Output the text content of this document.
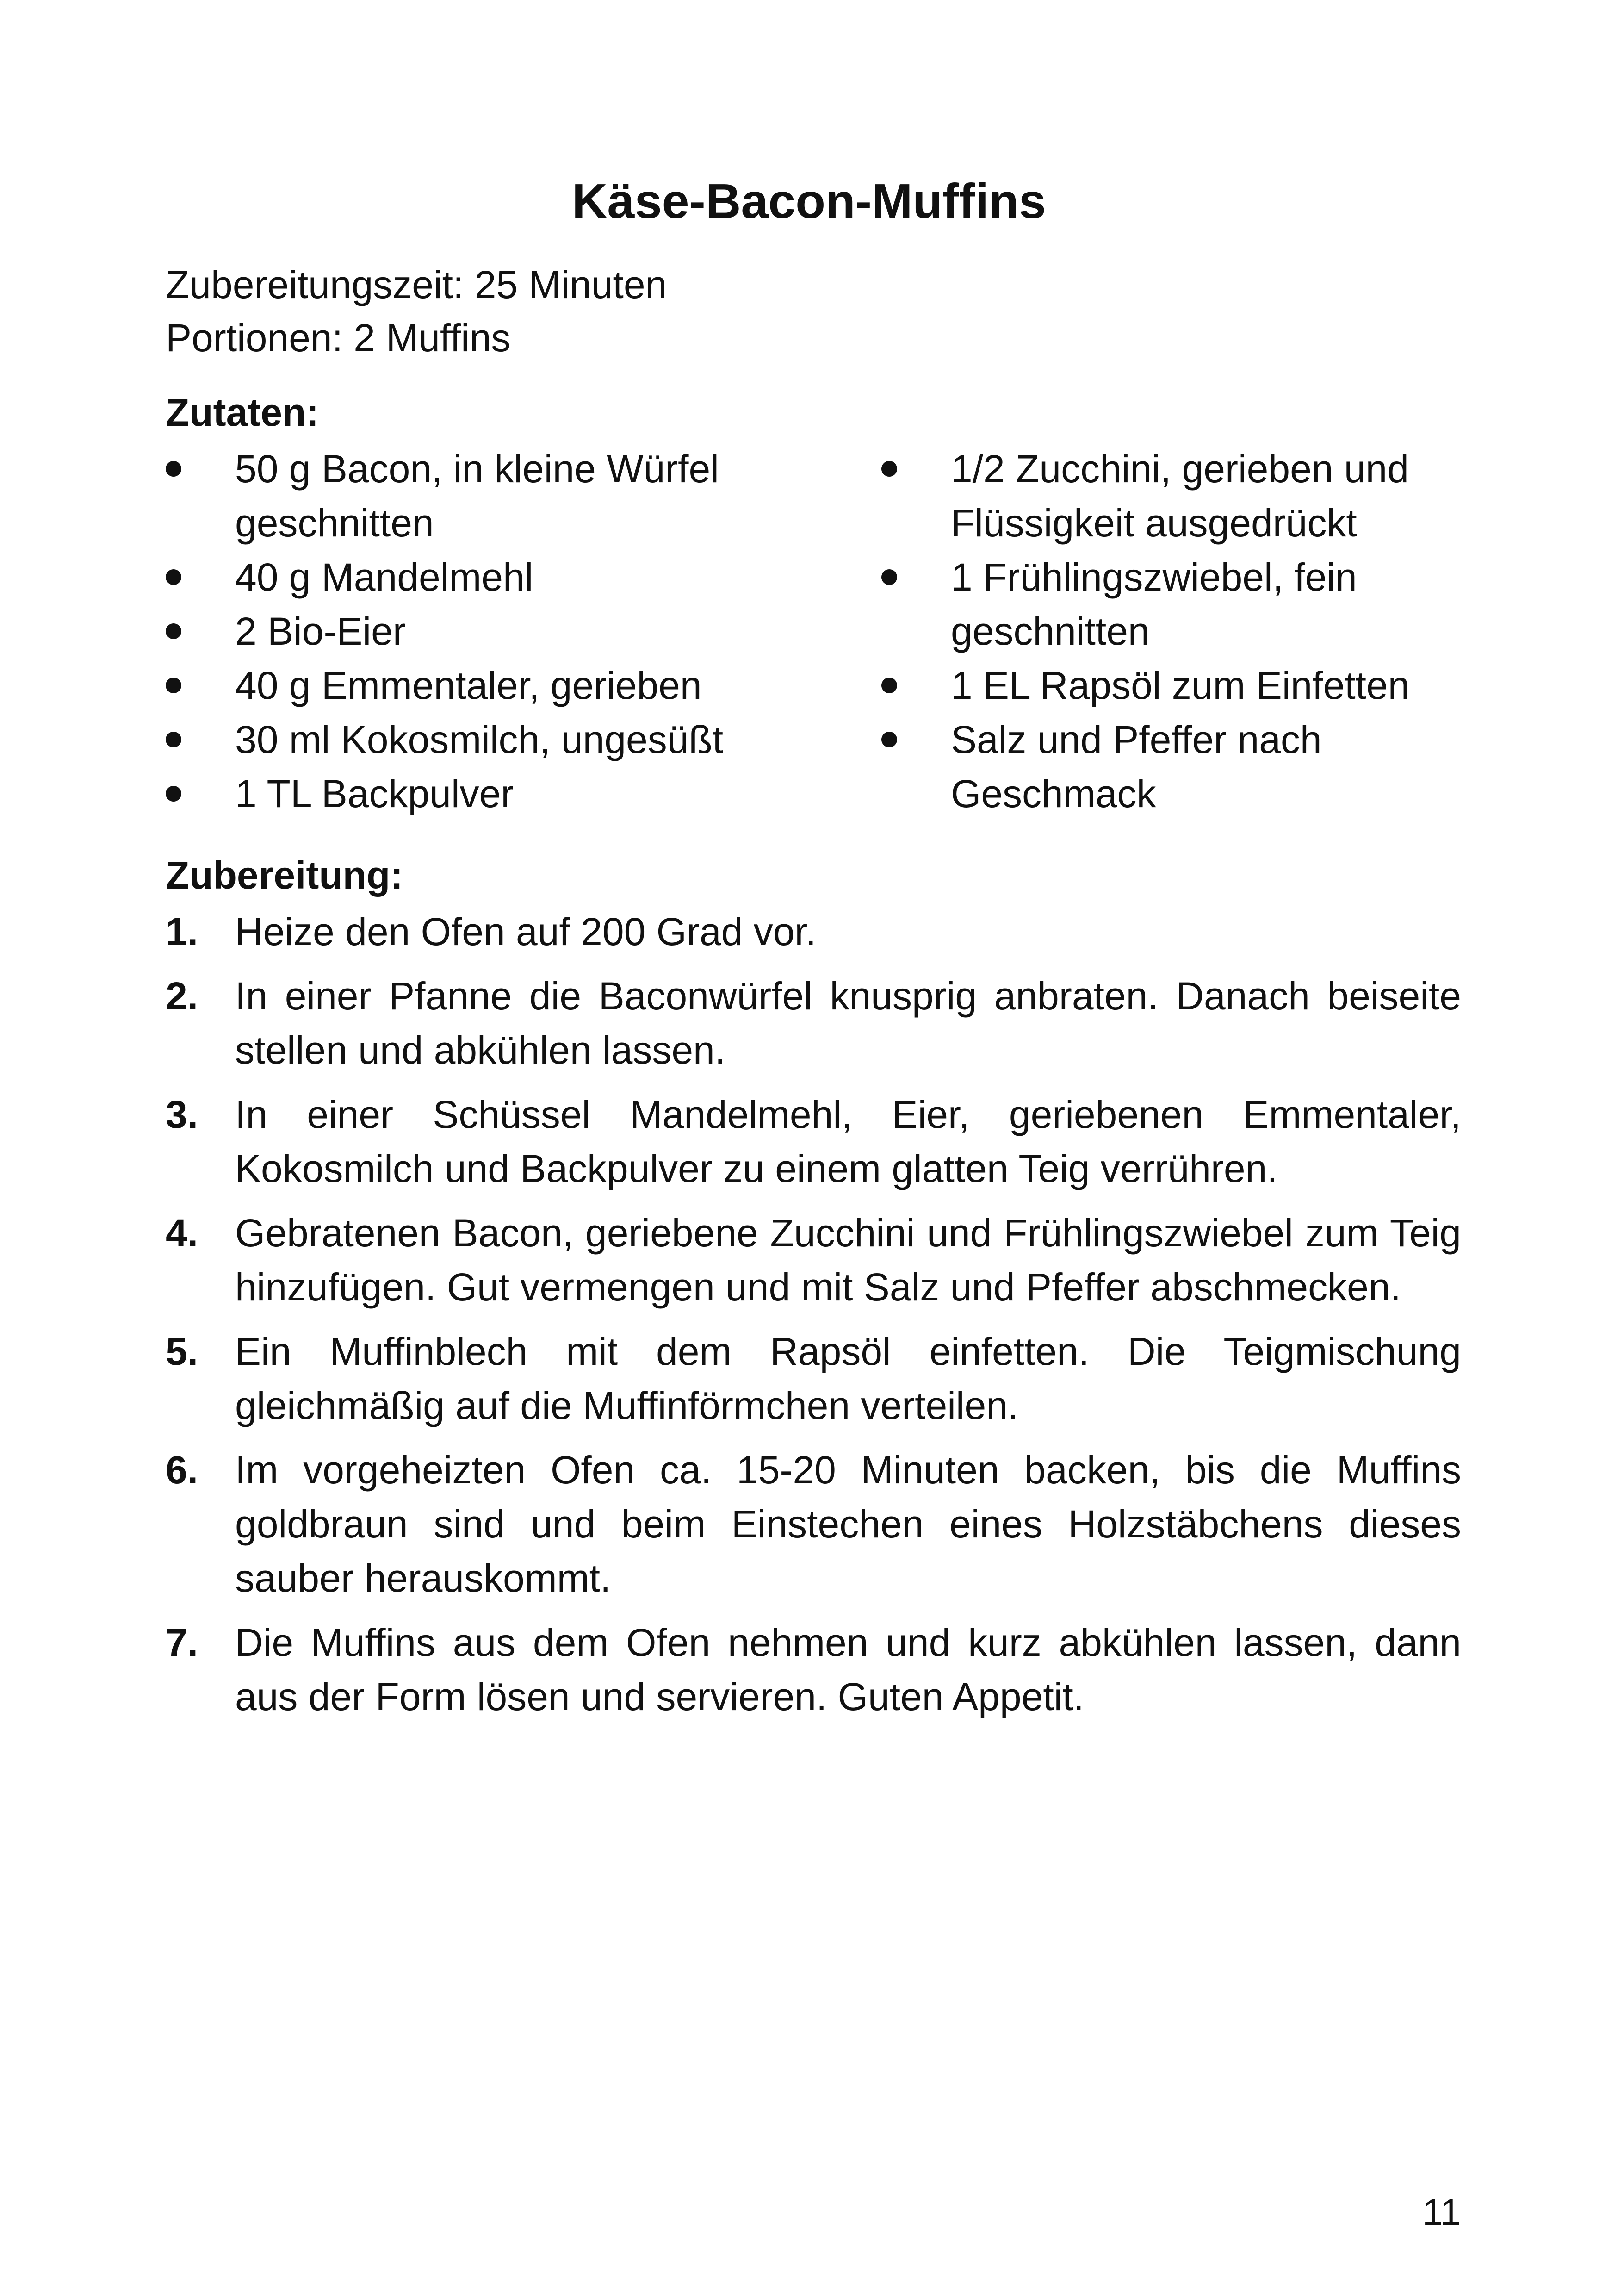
Käse-Bacon-Muffins
Zubereitungszeit: 25 Minuten
Portionen: 2 Muffins
Zutaten:
50 g Bacon, in kleine Würfel geschnitten
40 g Mandelmehl
2 Bio-Eier
40 g Emmentaler, gerieben
30 ml Kokosmilch, ungesüßt
1 TL Backpulver
1/2 Zucchini, gerieben und Flüssigkeit ausgedrückt
1 Frühlingszwiebel, fein geschnitten
1 EL Rapsöl zum Einfetten
Salz und Pfeffer nach Geschmack
Zubereitung:
1. Heize den Ofen auf 200 Grad vor.
2. In einer Pfanne die Baconwürfel knusprig anbraten. Danach beiseite stellen und abkühlen lassen.
3. In einer Schüssel Mandelmehl, Eier, geriebenen Emmentaler, Kokosmilch und Backpulver zu einem glatten Teig verrühren.
4. Gebratenen Bacon, geriebene Zucchini und Frühlingszwiebel zum Teig hinzufügen. Gut vermengen und mit Salz und Pfeffer abschmecken.
5. Ein Muffinblech mit dem Rapsöl einfetten. Die Teigmischung gleichmäßig auf die Muffinförmchen verteilen.
6. Im vorgeheizten Ofen ca. 15-20 Minuten backen, bis die Muffins goldbraun sind und beim Einstechen eines Holzstäbchens dieses sauber herauskommt.
7. Die Muffins aus dem Ofen nehmen und kurz abkühlen lassen, dann aus der Form lösen und servieren. Guten Appetit.
11
